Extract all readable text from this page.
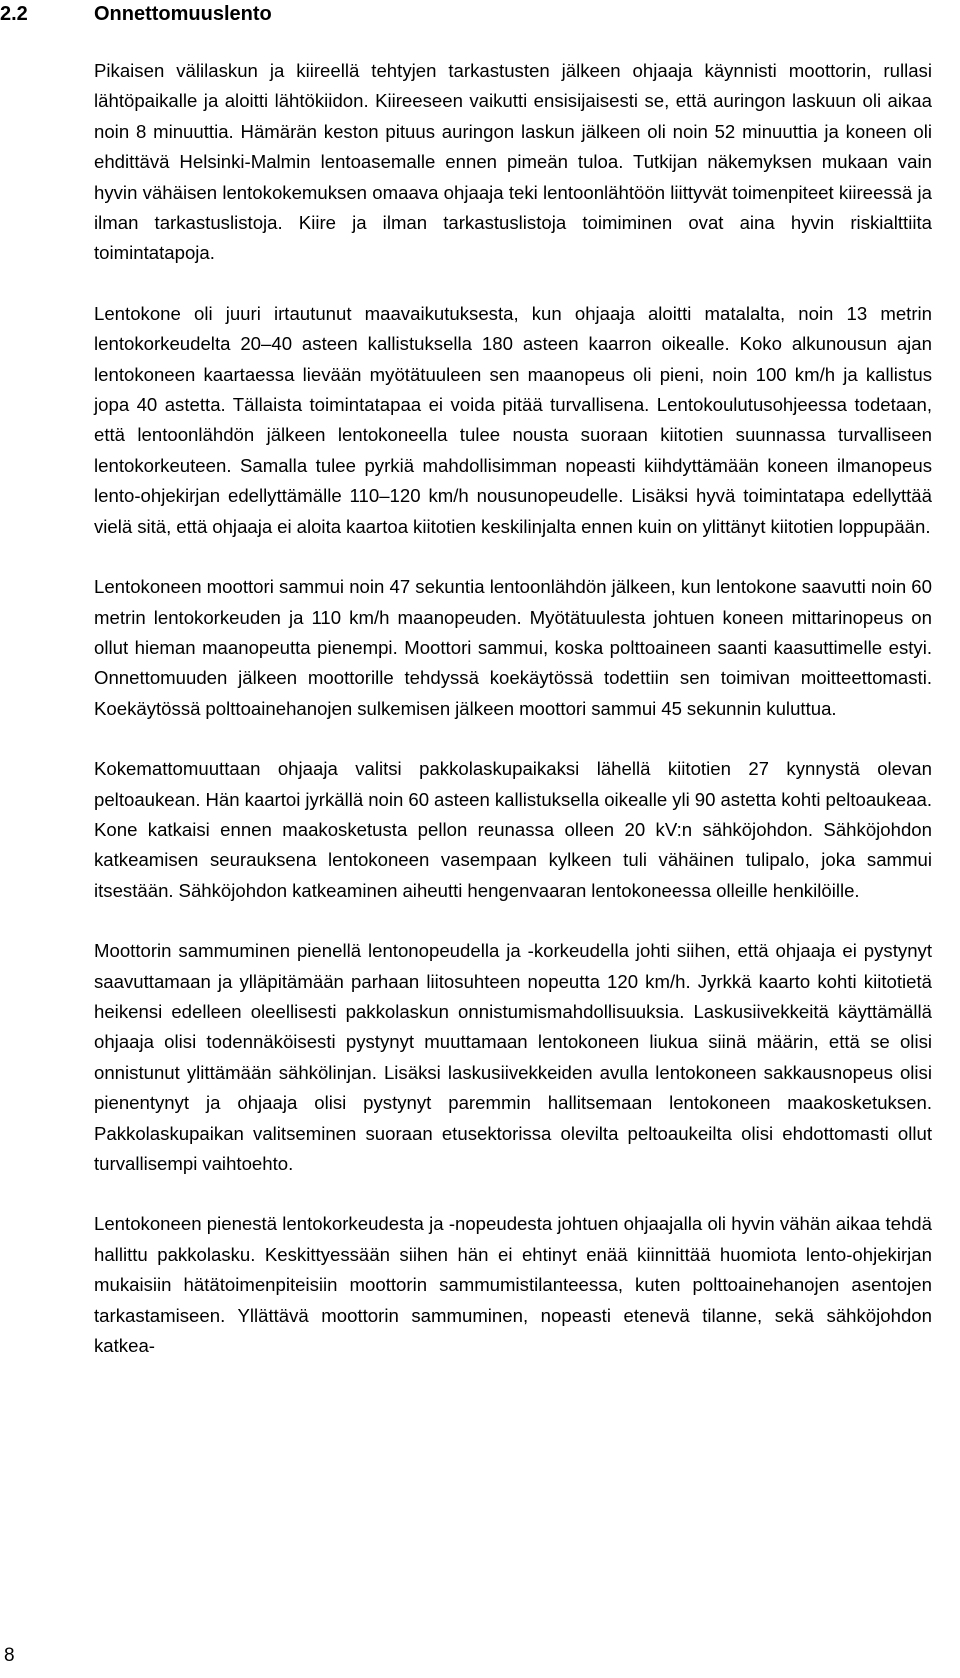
2.2	Onnettomuuslento

Pikaisen välilaskun ja kiireellä tehtyjen tarkastusten jälkeen ohjaaja käynnisti moottorin, rullasi lähtöpaikalle ja aloitti lähtökiidon. Kiireeseen vaikutti ensisijaisesti se, että auringon laskuun oli aikaa noin 8 minuuttia. Hämärän keston pituus auringon laskun jälkeen oli noin 52 minuuttia ja koneen oli ehdittävä Helsinki-Malmin lentoasemalle ennen pimeän tuloa. Tutkijan näkemyksen mukaan vain hyvin vähäisen lentokokemuksen omaava ohjaaja teki lentoonlähtöön liittyvät toimenpiteet kiireessä ja ilman tarkastuslistoja. Kiire ja ilman tarkastuslistoja toimiminen ovat aina hyvin riskialttiita toimintatapoja.

Lentokone oli juuri irtautunut maavaikutuksesta, kun ohjaaja aloitti matalalta, noin 13 metrin lentokorkeudelta 20–40 asteen kallistuksella 180 asteen kaarron oikealle. Koko alkunousun ajan lentokoneen kaartaessa lievään myötätuuleen sen maanopeus oli pieni, noin 100 km/h ja kallistus jopa 40 astetta. Tällaista toimintatapaa ei voida pitää turvallisena. Lentokoulutusohjeessa todetaan, että lentoonlähdön jälkeen lentokoneella tulee nousta suoraan kiitotien suunnassa turvalliseen lentokorkeuteen. Samalla tulee pyrkiä mahdollisimman nopeasti kiihdyttämään koneen ilmanopeus lento-ohjekirjan edellyttämälle 110–120 km/h nousunopeudelle. Lisäksi hyvä toimintatapa edellyttää vielä sitä, että ohjaaja ei aloita kaartoa kiitotien keskilinjalta ennen kuin on ylittänyt kiitotien loppupään.

Lentokoneen moottori sammui noin 47 sekuntia lentoonlähdön jälkeen, kun lentokone saavutti noin 60 metrin lentokorkeuden ja 110 km/h maanopeuden. Myötätuulesta johtuen koneen mittarinopeus on ollut hieman maanopeutta pienempi. Moottori sammui, koska polttoaineen saanti kaasuttimelle estyi. Onnettomuuden jälkeen moottorille tehdyssä koekäytössä todettiin sen toimivan moitteettomasti. Koekäytössä polttoainehanojen sulkemisen jälkeen moottori sammui 45 sekunnin kuluttua.

Kokemattomuuttaan ohjaaja valitsi pakkolaskupaikaksi lähellä kiitotien 27 kynnystä olevan peltoaukean. Hän kaartoi jyrkällä noin 60 asteen kallistuksella oikealle yli 90 astetta kohti peltoaukeaa. Kone katkaisi ennen maakosketusta pellon reunassa olleen 20 kV:n sähköjohdon. Sähköjohdon katkeamisen seurauksena lentokoneen vasempaan kylkeen tuli vähäinen tulipalo, joka sammui itsestään. Sähköjohdon katkeaminen aiheutti hengenvaaran lentokoneessa olleille henkilöille.

Moottorin sammuminen pienellä lentonopeudella ja -korkeudella johti siihen, että ohjaaja ei pystynyt saavuttamaan ja ylläpitämään parhaan liitosuhteen nopeutta 120 km/h. Jyrkkä kaarto kohti kiitotietä heikensi edelleen oleellisesti pakkolaskun onnistumismahdollisuuksia. Laskusiivekkeitä käyttämällä ohjaaja olisi todennäköisesti pystynyt muuttamaan lentokoneen liukua siinä määrin, että se olisi onnistunut ylittämään sähkölinjan. Lisäksi laskusiivekkeiden avulla lentokoneen sakkausnopeus olisi pienentynyt ja ohjaaja olisi pystynyt paremmin hallitsemaan lentokoneen maakosketuksen. Pakkolaskupaikan valitseminen suoraan etusektorissa olevilta peltoaukeilta olisi ehdottomasti ollut turvallisempi vaihtoehto.

Lentokoneen pienestä lentokorkeudesta ja -nopeudesta johtuen ohjaajalla oli hyvin vähän aikaa tehdä hallittu pakkolasku. Keskittyessään siihen hän ei ehtinyt enää kiinnittää huomiota lento-ohjekirjan mukaisiin hätätoimenpiteisiin moottorin sammumistilanteessa, kuten polttoainehanojen asentojen tarkastamiseen. Yllättävä moottorin sammuminen, nopeasti etenevä tilanne, sekä sähköjohdon katkea-

8
